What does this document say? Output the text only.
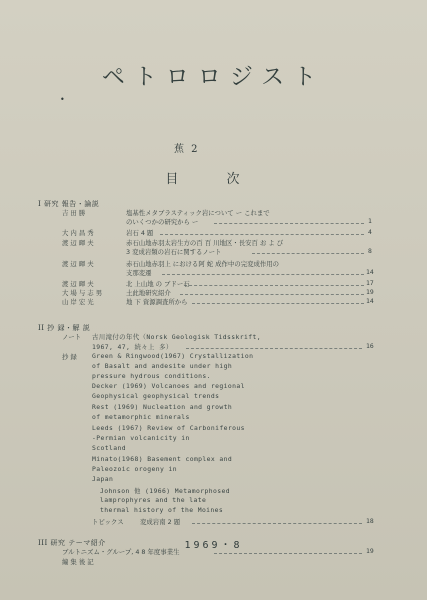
ペトロロジスト
•
蕉 2
目 次
I 研究 報告・論説
吉 田 勝	塩基性メタブラスティック岩について ー これまで
のいくつかの研究から ー	1
大 内 昌 秀	岩石 4 題	4
渡 辺 暉 夫	赤石山地赤羽太岩生方の百 百 川地区・長安百 お よ び
3 変成岩類の岩石に関するノート	8
渡 辺 暉 夫	赤石山地赤羽上 における阿 蛇 成作中の完変成作用の
支那変遷	14
渡 辺 暉 夫	北 上山地 の ブドー石	17
大 場 与 志 男	土此地研究紹介	19
山 岸 宏 光	地 下 資源調査所から	14
II 抄 録・解 説
ノート 古川滝付の年代（Norsk Geologisk Tidsskrift,
1967, 47, 続々上 多）	16
抄 録 Green & Ringwood(1967) Crystallization
of Basalt and andesite under high
pressure hydrous conditions.
Decker (1969) Volcanoes and regional
Geophysical geophysical trends
Rest (1969) Nucleation and growth
of metamorphic minerals
Leeds (1967) Review of Carboniferous
-Permian volcanicity in
Scotland
Minato(1968) Basement complex and
Paleozoic orogeny in
Japan
Johnson 他 (1966) Metamorphosed
lamprophyres and the late
thermal history of the Moines
トピックス	変成岩南 2 題	18
III 研究 テーマ紹介
ブルトニズム・グループ, 4 8 年度事業生	19
編 集 後 記
1969・8
